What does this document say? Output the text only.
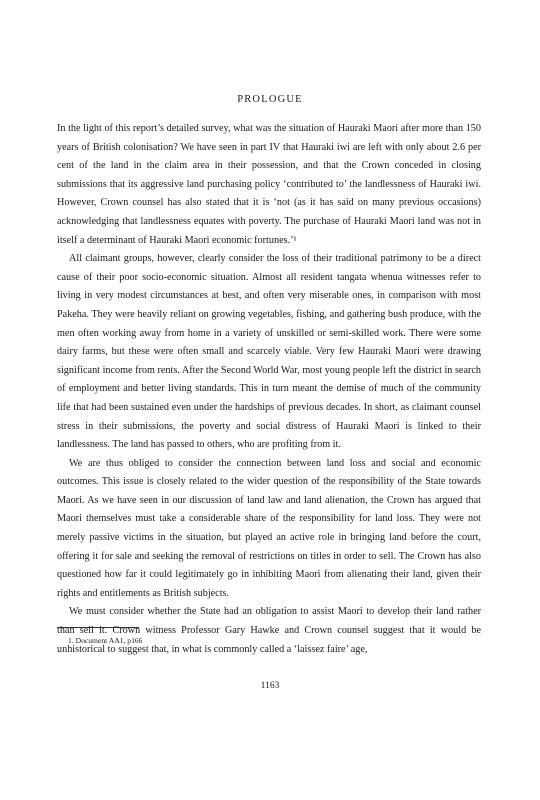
PROLOGUE

In the light of this report’s detailed survey, what was the situation of Hauraki Maori after more than 150 years of British colonisation? We have seen in part IV that Hauraki iwi are left with only about 2.6 per cent of the land in the claim area in their possession, and that the Crown conceded in closing submissions that its aggressive land purchasing policy ‘contributed to’ the landlessness of Hauraki iwi. However, Crown counsel has also stated that it is ‘not (as it has said on many previous occasions) acknowledging that landlessness equates with poverty. The purchase of Hauraki Maori land was not in itself a determinant of Hauraki Maori economic fortunes.’¹

All claimant groups, however, clearly consider the loss of their traditional patrimony to be a direct cause of their poor socio-economic situation. Almost all resident tangata whenua witnesses refer to living in very modest circumstances at best, and often very miserable ones, in comparison with most Pakeha. They were heavily reliant on growing vegetables, fishing, and gathering bush produce, with the men often working away from home in a variety of unskilled or semi-skilled work. There were some dairy farms, but these were often small and scarcely viable. Very few Hauraki Maori were drawing significant income from rents. After the Second World War, most young people left the district in search of employment and better living standards. This in turn meant the demise of much of the community life that had been sustained even under the hardships of previous decades. In short, as claimant counsel stress in their submissions, the poverty and social distress of Hauraki Maori is linked to their landlessness. The land has passed to others, who are profiting from it.

We are thus obliged to consider the connection between land loss and social and economic outcomes. This issue is closely related to the wider question of the responsibility of the State towards Maori. As we have seen in our discussion of land law and land alienation, the Crown has argued that Maori themselves must take a considerable share of the responsibility for land loss. They were not merely passive victims in the situation, but played an active role in bringing land before the court, offering it for sale and seeking the removal of restrictions on titles in order to sell. The Crown has also questioned how far it could legitimately go in inhibiting Maori from alienating their land, given their rights and entitlements as British subjects.

We must consider whether the State had an obligation to assist Maori to develop their land rather than sell it. Crown witness Professor Gary Hawke and Crown counsel suggest that it would be unhistorical to suggest that, in what is commonly called a ‘laissez faire’ age,

1. Document AA1, p166
1163
